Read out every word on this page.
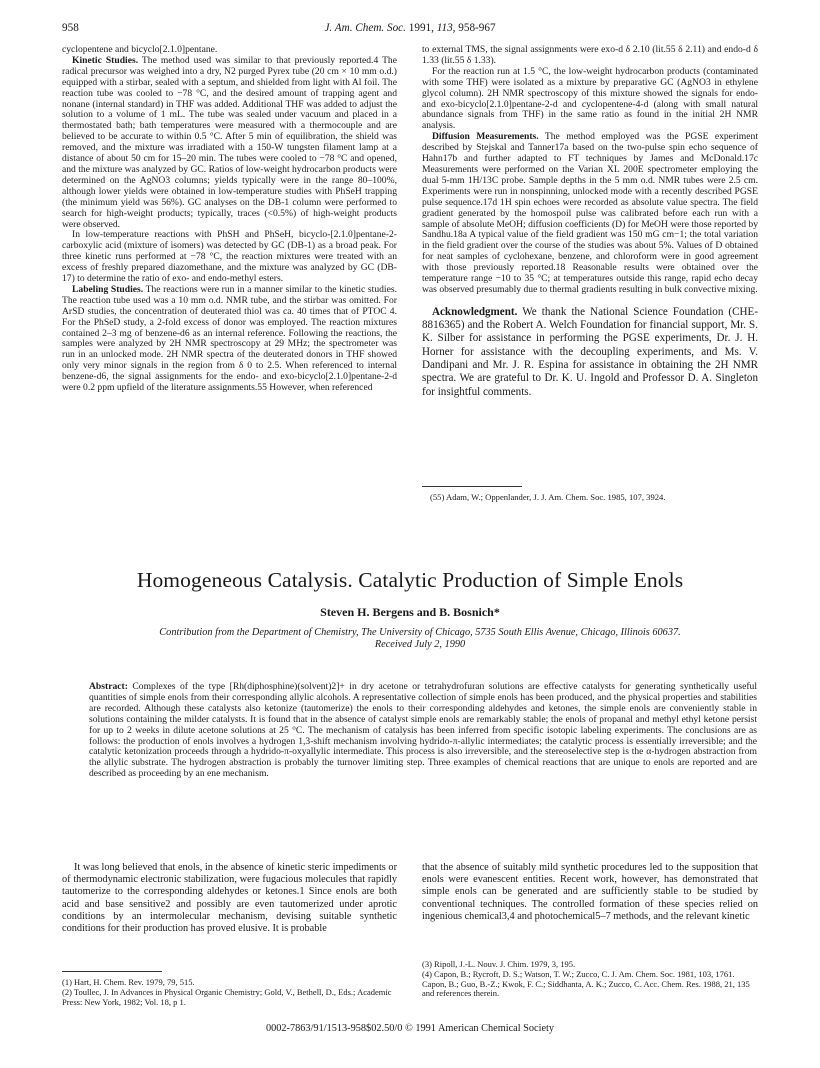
958	J. Am. Chem. Soc. 1991, 113, 958-967

cyclopentene and bicyclo[2.1.0]pentane.

Kinetic Studies. The method used was similar to that previously reported.4 The radical precursor was weighed into a dry, N2 purged Pyrex tube (20 cm × 10 mm o.d.) equipped with a stirbar, sealed with a septum, and shielded from light with Al foil. The reaction tube was cooled to −78 °C, and the desired amount of trapping agent and nonane (internal standard) in THF was added. Additional THF was added to adjust the solution to a volume of 1 mL. The tube was sealed under vacuum and placed in a thermostated bath; bath temperatures were measured with a thermocouple and are believed to be accurate to within 0.5 °C. After 5 min of equilibration, the shield was removed, and the mixture was irradiated with a 150-W tungsten filament lamp at a distance of about 50 cm for 15–20 min. The tubes were cooled to −78 °C and opened, and the mixture was analyzed by GC. Ratios of low-weight hydrocarbon products were determined on the AgNO3 columns; yields typically were in the range 80–100%, although lower yields were obtained in low-temperature studies with PhSeH trapping (the minimum yield was 56%). GC analyses on the DB-1 column were performed to search for high-weight products; typically, traces (<0.5%) of high-weight products were observed.

In low-temperature reactions with PhSH and PhSeH, bicyclo-[2.1.0]pentane-2-carboxylic acid (mixture of isomers) was detected by GC (DB-1) as a broad peak. For three kinetic runs performed at −78 °C, the reaction mixtures were treated with an excess of freshly prepared diazomethane, and the mixture was analyzed by GC (DB-17) to determine the ratio of exo- and endo-methyl esters.

Labeling Studies. The reactions were run in a manner similar to the kinetic studies. The reaction tube used was a 10 mm o.d. NMR tube, and the stirbar was omitted. For ArSD studies, the concentration of deuterated thiol was ca. 40 times that of PTOC 4. For the PhSeD study, a 2-fold excess of donor was employed. The reaction mixtures contained 2–3 mg of benzene-d6 as an internal reference. Following the reactions, the samples were analyzed by 2H NMR spectroscopy at 29 MHz; the spectrometer was run in an unlocked mode. 2H NMR spectra of the deuterated donors in THF showed only very minor signals in the region from δ 0 to 2.5. When referenced to internal benzene-d6, the signal assignments for the endo- and exo-bicyclo[2.1.0]pentane-2-d were 0.2 ppm upfield of the literature assignments.55 However, when referenced

to external TMS, the signal assignments were exo-d δ 2.10 (lit.55 δ 2.11) and endo-d δ 1.33 (lit.55 δ 1.33).

For the reaction run at 1.5 °C, the low-weight hydrocarbon products (contaminated with some THF) were isolated as a mixture by preparative GC (AgNO3 in ethylene glycol column). 2H NMR spectroscopy of this mixture showed the signals for endo- and exo-bicyclo[2.1.0]pentane-2-d and cyclopentene-4-d (along with small natural abundance signals from THF) in the same ratio as found in the initial 2H NMR analysis.

Diffusion Measurements. The method employed was the PGSE experiment described by Stejskal and Tanner17a based on the two-pulse spin echo sequence of Hahn17b and further adapted to FT techniques by James and McDonald.17c Measurements were performed on the Varian XL 200E spectrometer employing the dual 5-mm 1H/13C probe. Sample depths in the 5 mm o.d. NMR tubes were 2.5 cm. Experiments were run in nonspinning, unlocked mode with a recently described PGSE pulse sequence.17d 1H spin echoes were recorded as absolute value spectra. The field gradient generated by the homospoil pulse was calibrated before each run with a sample of absolute MeOH; diffusion coefficients (D) for MeOH were those reported by Sandhu.18a A typical value of the field gradient was 150 mG cm−1; the total variation in the field gradient over the course of the studies was about 5%. Values of D obtained for neat samples of cyclohexane, benzene, and chloroform were in good agreement with those previously reported.18 Reasonable results were obtained over the temperature range −10 to 35 °C; at temperatures outside this range, rapid echo decay was observed presumably due to thermal gradients resulting in bulk convective mixing.

Acknowledgment. We thank the National Science Foundation (CHE-8816365) and the Robert A. Welch Foundation for financial support, Mr. S. K. Silber for assistance in performing the PGSE experiments, Dr. J. H. Horner for assistance with the decoupling experiments, and Ms. V. Dandipani and Mr. J. R. Espina for assistance in obtaining the 2H NMR spectra. We are grateful to Dr. K. U. Ingold and Professor D. A. Singleton for insightful comments.

(55) Adam, W.; Oppenlander, J. J. Am. Chem. Soc. 1985, 107, 3924.
Homogeneous Catalysis. Catalytic Production of Simple Enols
Steven H. Bergens and B. Bosnich*
Contribution from the Department of Chemistry, The University of Chicago, 5735 South Ellis Avenue, Chicago, Illinois 60637. Received July 2, 1990
Abstract: Complexes of the type [Rh(diphosphine)(solvent)2]+ in dry acetone or tetrahydrofuran solutions are effective catalysts for generating synthetically useful quantities of simple enols from their corresponding allylic alcohols. A representative collection of simple enols has been produced, and the physical properties and stabilities are recorded. Although these catalysts also ketonize (tautomerize) the enols to their corresponding aldehydes and ketones, the simple enols are conveniently stable in solutions containing the milder catalysts. It is found that in the absence of catalyst simple enols are remarkably stable; the enols of propanal and methyl ethyl ketone persist for up to 2 weeks in dilute acetone solutions at 25 °C. The mechanism of catalysis has been inferred from specific isotopic labeling experiments. The conclusions are as follows: the production of enols involves a hydrogen 1,3-shift mechanism involving hydrido-π-allylic intermediates; the catalytic process is essentially irreversible; and the catalytic ketonization proceeds through a hydrido-π-oxyallylic intermediate. This process is also irreversible, and the stereoselective step is the α-hydrogen abstraction from the allylic substrate. The hydrogen abstraction is probably the turnover limiting step. Three examples of chemical reactions that are unique to enols are reported and are described as proceeding by an ene mechanism.

It was long believed that enols, in the absence of kinetic steric impediments or of thermodynamic electronic stabilization, were fugacious molecules that rapidly tautomerize to the corresponding aldehydes or ketones.1 Since enols are both acid and base sensitive2 and possibly are even tautomerized under aprotic conditions by an intermolecular mechanism, devising suitable synthetic conditions for their production has proved elusive. It is probable

that the absence of suitably mild synthetic procedures led to the supposition that enols were evanescent entities. Recent work, however, has demonstrated that simple enols can be generated and are sufficiently stable to be studied by conventional techniques. The controlled formation of these species relied on ingenious chemical3,4 and photochemical5–7 methods, and the relevant kinetic

(1) Hart, H. Chem. Rev. 1979, 79, 515.

(2) Toullec, J. In Advances in Physical Organic Chemistry; Gold, V., Bethell, D., Eds.; Academic Press: New York, 1982; Vol. 18, p 1.

(3) Ripoll, J.-L. Nouv. J. Chim. 1979, 3, 195.

(4) Capon, B.; Rycroft, D. S.; Watson, T. W.; Zucco, C. J. Am. Chem. Soc. 1981, 103, 1761. Capon, B.; Guo, B.-Z.; Kwok, F. C.; Siddhanta, A. K.; Zucco, C. Acc. Chem. Res. 1988, 21, 135 and references therein.

0002-7863/91/1513-958$02.50/0 © 1991 American Chemical Society
